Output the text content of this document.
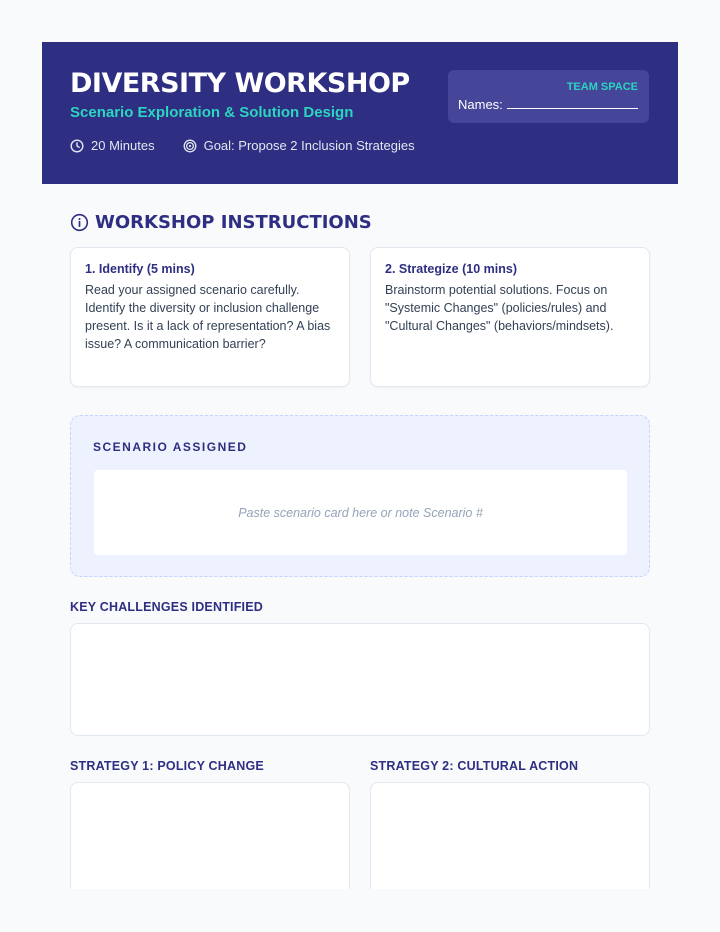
DIVERSITY WORKSHOP
Scenario Exploration & Solution Design
20 Minutes	Goal: Propose 2 Inclusion Strategies
TEAM SPACE
Names:
WORKSHOP INSTRUCTIONS
1. Identify (5 mins)

Read your assigned scenario carefully. Identify the diversity or inclusion challenge present. Is it a lack of representation? A bias issue? A communication barrier?

2. Strategize (10 mins)

Brainstorm potential solutions. Focus on "Systemic Changes" (policies/rules) and "Cultural Changes" (behaviors/mindsets).

SCENARIO ASSIGNED
Paste scenario card here or note Scenario #
KEY CHALLENGES IDENTIFIED
STRATEGY 1: POLICY CHANGE	STRATEGY 2: CULTURAL ACTION
